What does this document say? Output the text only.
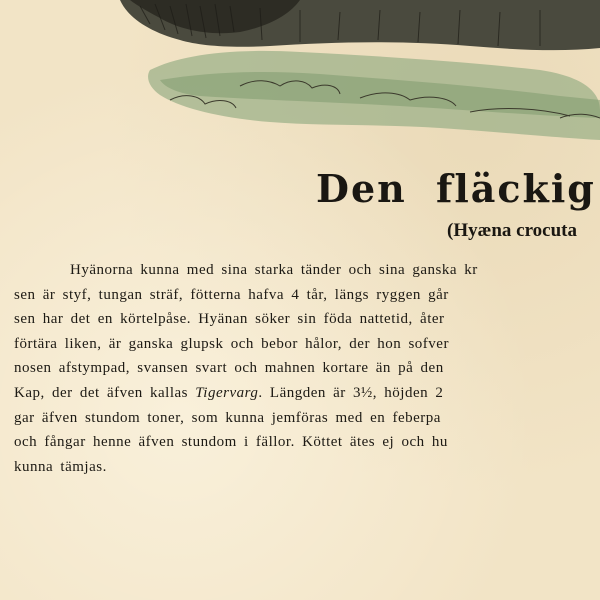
Den fläckig
(Hyæna crocuta
Hyänorna kunna med sina starka tänder och sina ganska kr
sen är styf, tungan sträf, fötterna hafva 4 tår, längs ryggen går
sen har det en körtelpåse. Hyänan söker sin föda nattetid, åter
förtära liken, är ganska glupsk och bebor hålor, der hon sofver
nosen afstympad, svansen svart och mahnen kortare än på den
Kap, der det äfven kallas Tigervarg. Längden är 3½, höjden 2
gar äfven stundom toner, som kunna jemföras med en feberpa
och fångar henne äfven stundom i fällor. Köttet ätes ej och hu
kunna tämjas.
